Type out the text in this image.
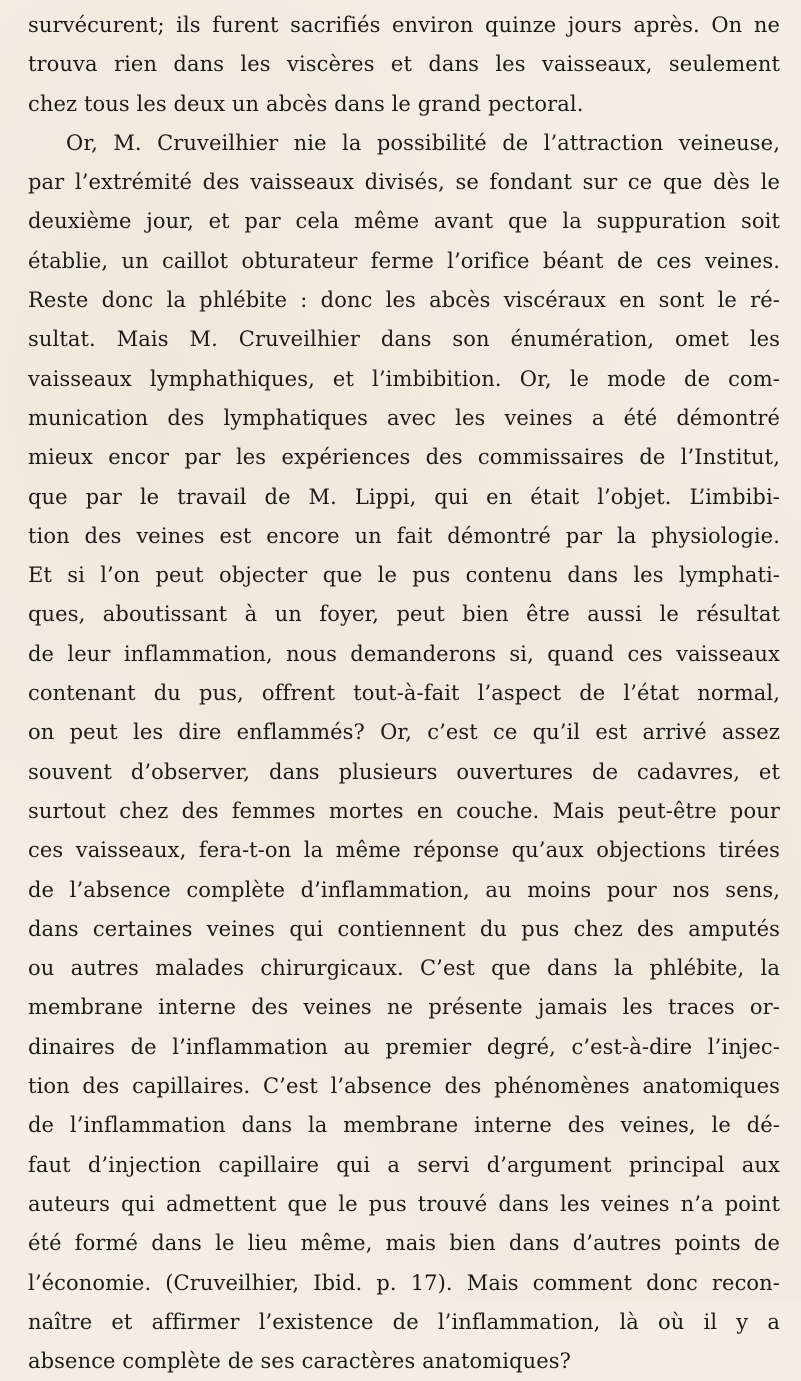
survécurent; ils furent sacrifiés environ quinze jours après. On ne
trouva rien dans les viscères et dans les vaisseaux, seulement
chez tous les deux un abcès dans le grand pectoral.
Or, M. Cruveilhier nie la possibilité de l’attraction veineuse,
par l’extrémité des vaisseaux divisés, se fondant sur ce que dès le
deuxième jour, et par cela même avant que la suppuration soit
établie, un caillot obturateur ferme l’orifice béant de ces veines.
Reste donc la phlébite : donc les abcès viscéraux en sont le ré-
sultat. Mais M. Cruveilhier dans son énumération, omet les
vaisseaux lymphathiques, et l’imbibition. Or, le mode de com-
munication des lymphatiques avec les veines a été démontré
mieux encor par les expériences des commissaires de l’Institut,
que par le travail de M. Lippi, qui en était l’objet. L’imbibi-
tion des veines est encore un fait démontré par la physiologie.
Et si l’on peut objecter que le pus contenu dans les lymphati-
ques, aboutissant à un foyer, peut bien être aussi le résultat
de leur inflammation, nous demanderons si, quand ces vaisseaux
contenant du pus, offrent tout-à-fait l’aspect de l’état normal,
on peut les dire enflammés? Or, c’est ce qu’il est arrivé assez
souvent d’observer, dans plusieurs ouvertures de cadavres, et
surtout chez des femmes mortes en couche. Mais peut-être pour
ces vaisseaux, fera-t-on la même réponse qu’aux objections tirées
de l’absence complète d’inflammation, au moins pour nos sens,
dans certaines veines qui contiennent du pus chez des amputés
ou autres malades chirurgicaux. C’est que dans la phlébite, la
membrane interne des veines ne présente jamais les traces or-
dinaires de l’inflammation au premier degré, c’est-à-dire l’injec-
tion des capillaires. C’est l’absence des phénomènes anatomiques
de l’inflammation dans la membrane interne des veines, le dé-
faut d’injection capillaire qui a servi d’argument principal aux
auteurs qui admettent que le pus trouvé dans les veines n’a point
été formé dans le lieu même, mais bien dans d’autres points de
l’économie. (Cruveilhier, Ibid. p. 17). Mais comment donc recon-
naître et affirmer l’existence de l’inflammation, là où il y a
absence complète de ses caractères anatomiques?
